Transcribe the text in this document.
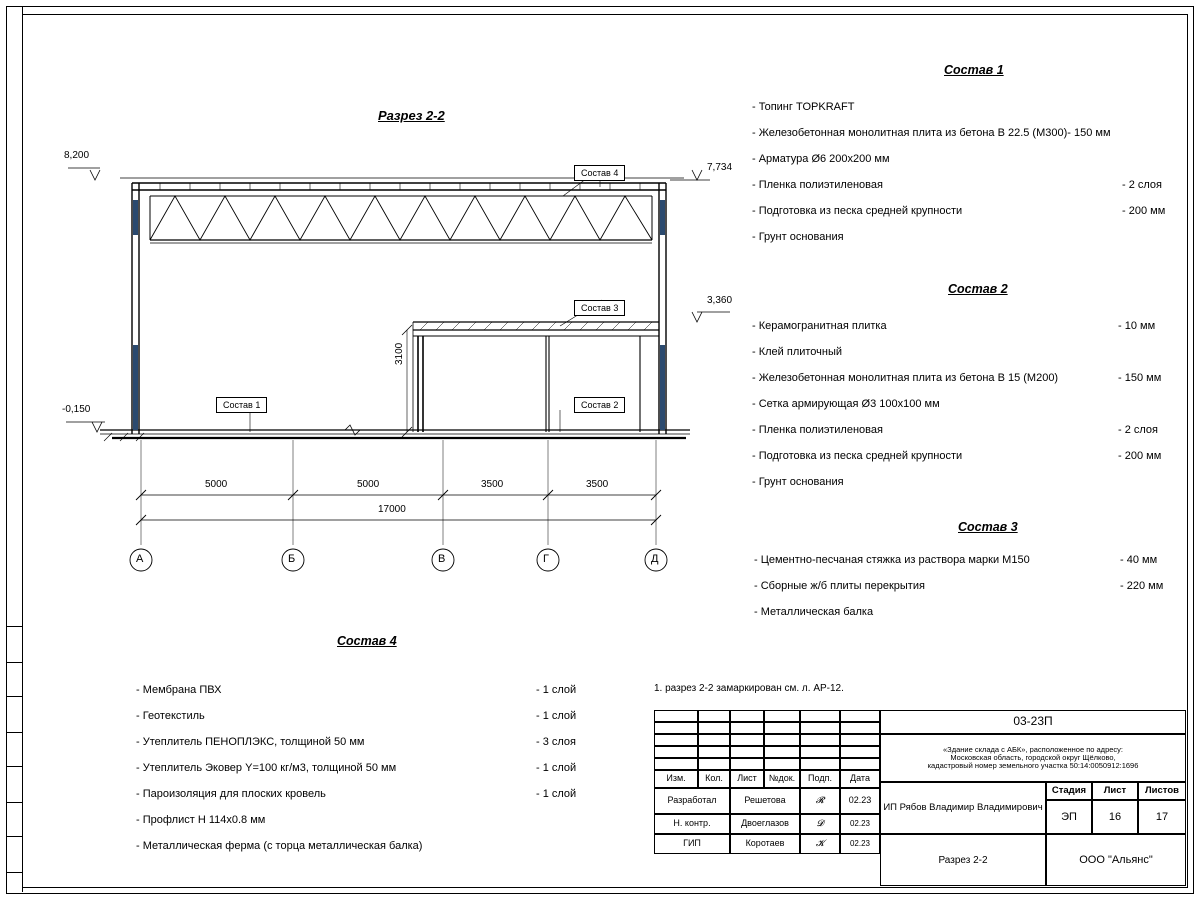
Разрез 2-2
8,200
7,734
3,360
-0,150
Состав 4
Состав 3
Состав 1	Состав 2
3100
5000	5000	3500	3500
17000
А	Б	В	Г	Д
Состав 1
- Топинг TOPKRAFT
- Железобетонная монолитная плита из бетона В 22.5 (М300)- 150 мм
- Арматура Ø6 200х200 мм
- Пленка полиэтиленовая	- 2 слоя
- Подготовка из песка средней крупности	- 200 мм
- Грунт основания
Состав 2
- Керамогранитная плитка	- 10 мм
- Клей плиточный
- Железобетонная монолитная плита из бетона В 15 (М200)	- 150 мм
- Сетка армирующая Ø3 100х100 мм
- Пленка полиэтиленовая	- 2 слоя
- Подготовка из песка средней крупности	- 200 мм
- Грунт основания
Состав 3
- Цементно-песчаная стяжка из раствора марки М150	- 40 мм
- Сборные ж/б плиты перекрытия	- 220 мм
- Металлическая балка
Состав 4
- Мембрана ПВХ	- 1 слой
- Геотекстиль	- 1 слой
- Утеплитель ПЕНОПЛЭКС, толщиной 50 мм	- 3 слоя
- Утеплитель Эковер Y=100 кг/м3, толщиной 50 мм	- 1 слой
- Пароизоляция для плоских кровель	- 1 слой
- Профлист Н 114х0.8 мм
- Металлическая ферма (с торца металлическая балка)
1. разрез 2-2 замаркирован см. л. АР-12.
03-23П
«Здание склада с АБК», расположенное по адресу:
Московская область, городской округ Щёлково,
кадастровый номер земельного участка 50:14:0050912:1696
Изм.	Кол.	Лист	№док.	Подп.	Дата
Разработал	Решетова	𝓡	02.23
Н. контр.	Двоеглазов	𝓓	02.23
ГИП	Коротаев	𝓚	02.23
ИП Рябов Владимир Владимирович
Разрез 2-2
Стадия	Лист	Листов
ЭП	16	17
ООО "Альянс"
